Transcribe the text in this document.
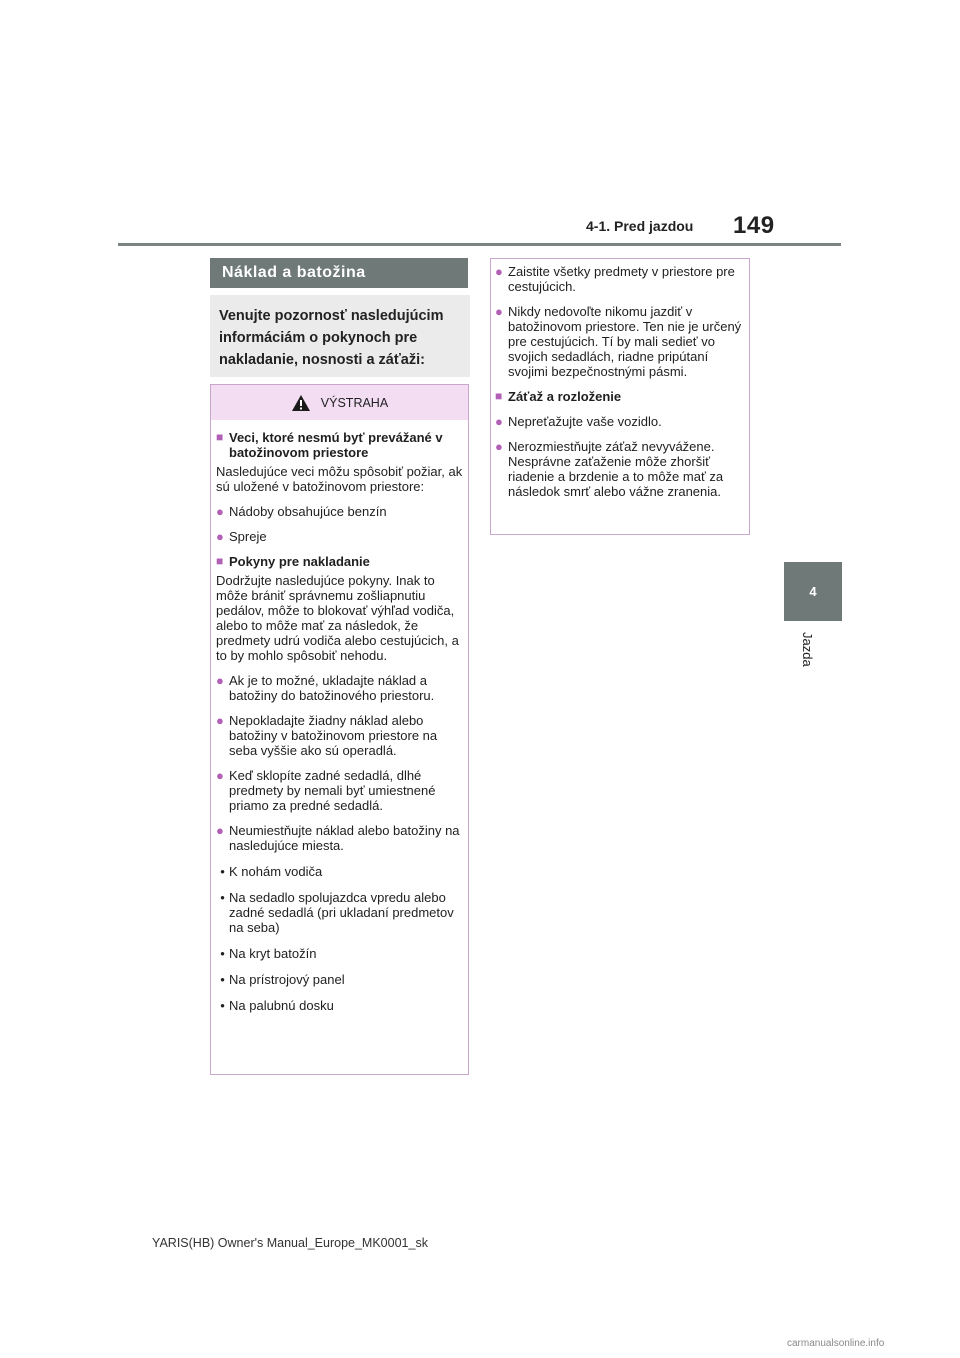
149
4-1. Pred jazdou
4
Jazda
Náklad a batožina
Venujte pozornosť nasledujúcim informáciám o pokynoch pre nakladanie, nosnosti a záťaži:
VÝSTRAHA
■ Veci, ktoré nesmú byť prevážané v batožinovom priestore
Nasledujúce veci môžu spôsobiť požiar, ak sú uložené v batožinovom priestore:
● Nádoby obsahujúce benzín
● Spreje
■ Pokyny pre nakladanie
Dodržujte nasledujúce pokyny. Inak to môže brániť správnemu zošliapnutiu pedálov, môže to blokovať výhľad vodiča, alebo to môže mať za následok, že predmety udrú vodiča alebo cestujúcich, a to by mohlo spôsobiť nehodu.
● Ak je to možné, ukladajte náklad a batožiny do batožinového priestoru.
● Nepokladajte žiadny náklad alebo batožiny v batožinovom priestore na seba vyššie ako sú operadlá.
● Keď sklopíte zadné sedadlá, dlhé predmety by nemali byť umiestnené priamo za predné sedadlá.
● Neumiestňujte náklad alebo batožiny na nasledujúce miesta.
• K nohám vodiča
• Na sedadlo spolujazdca vpredu alebo zadné sedadlá (pri ukladaní predmetov na seba)
• Na kryt batožín
• Na prístrojový panel
• Na palubnú dosku
● Zaistite všetky predmety v priestore pre cestujúcich.
● Nikdy nedovoľte nikomu jazdiť v batožinovom priestore. Ten nie je určený pre cestujúcich. Tí by mali sedieť vo svojich sedadlách, riadne pripútaní svojimi bezpečnostnými pásmi.
■ Záťaž a rozloženie
● Nepreťažujte vaše vozidlo.
● Nerozmiestňujte záťaž nevyvážene. Nesprávne zaťaženie môže zhoršiť riadenie a brzdenie a to môže mať za následok smrť alebo vážne zranenia.
YARIS(HB) Owner's Manual_Europe_MK0001_sk
carmanualsonline.info
